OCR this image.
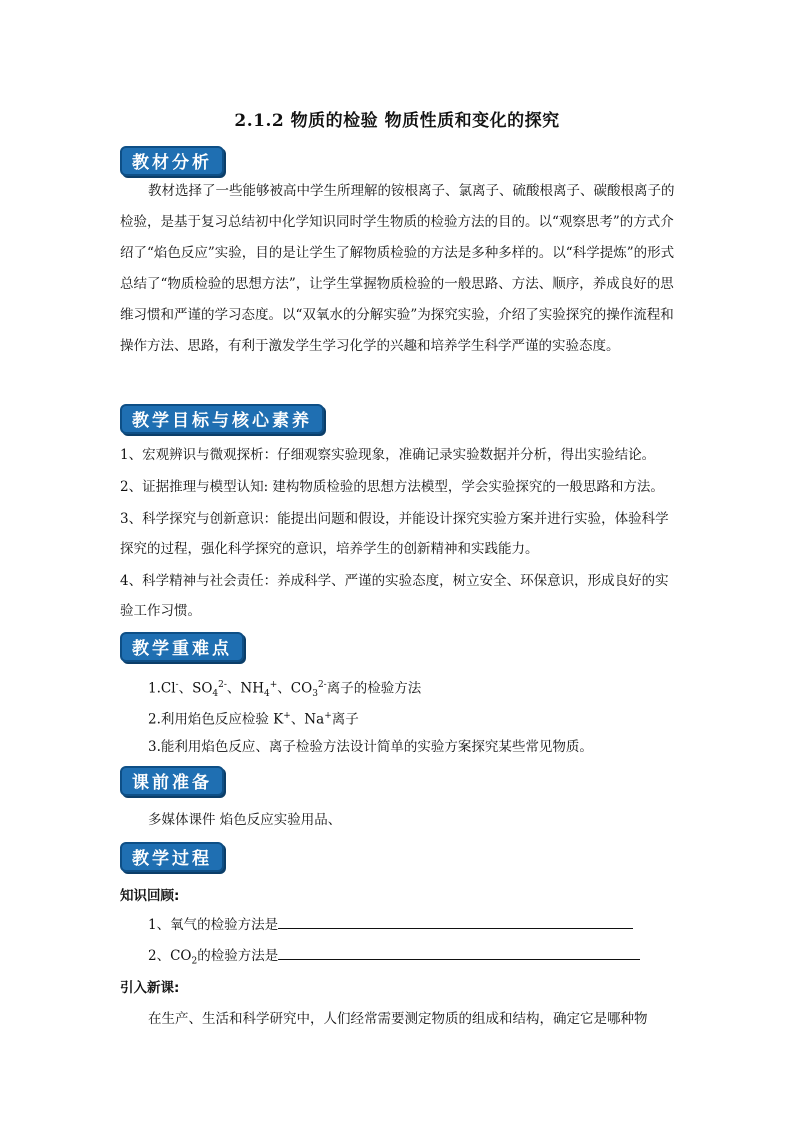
2.1.2 物质的检验 物质性质和变化的探究
教材分析

教材选择了一些能够被高中学生所理解的铵根离子、氯离子、硫酸根离子、碳酸根离子的检验，是基于复习总结初中化学知识同时学生物质的检验方法的目的。以“观察思考”的方式介绍了“焰色反应”实验，目的是让学生了解物质检验的方法是多种多样的。以“科学提炼”的形式总结了“物质检验的思想方法”，让学生掌握物质检验的一般思路、方法、顺序，养成良好的思维习惯和严谨的学习态度。以“双氧水的分解实验”为探究实验，介绍了实验探究的操作流程和操作方法、思路，有利于激发学生学习化学的兴趣和培养学生科学严谨的实验态度。

教学目标与核心素养

1、宏观辨识与微观探析：仔细观察实验现象，准确记录实验数据并分析，得出实验结论。

2、证据推理与模型认知: 建构物质检验的思想方法模型，学会实验探究的一般思路和方法。

3、科学探究与创新意识：能提出问题和假设，并能设计探究实验方案并进行实验，体验科学探究的过程，强化科学探究的意识，培养学生的创新精神和实践能力。

4、科学精神与社会责任：养成科学、严谨的实验态度，树立安全、环保意识，形成良好的实验工作习惯。

教学重难点
1.Cl-、$SO_4^{2-}$、$NH_4^+$、$CO_3^{2-}$离子的检验方法
2.利用焰色反应检验 K+、Na+离子
3.能利用焰色反应、离子检验方法设计简单的实验方案探究某些常见物质。
课前准备
多媒体课件 焰色反应实验用品、
教学过程
知识回顾:
1、氧气的检验方法是
2、$CO_2$的检验方法是
引入新课:

在生产、生活和科学研究中，人们经常需要测定物质的组成和结构，确定它是哪种物
